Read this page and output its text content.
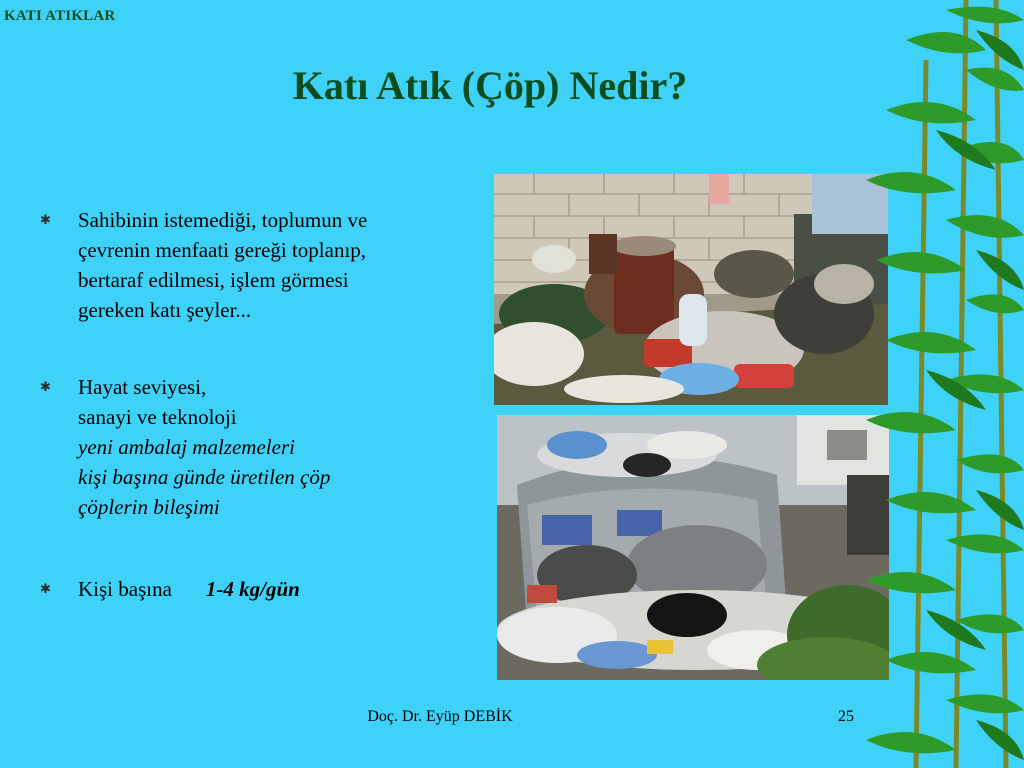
KATI ATIKLAR
Katı Atık (Çöp) Nedir?
✱ Sahibinin istemediği, toplumun ve
çevrenin menfaati gereği toplanıp,
bertaraf edilmesi, işlem görmesi
gereken katı şeyler...
✱ Hayat seviyesi,
sanayi ve teknoloji
yeni ambalaj malzemeleri
kişi başına günde üretilen çöp
çöplerin bileşimi
✱ Kişi başına 1-4 kg/gün
Doç. Dr. Eyüp DEBİK	25
